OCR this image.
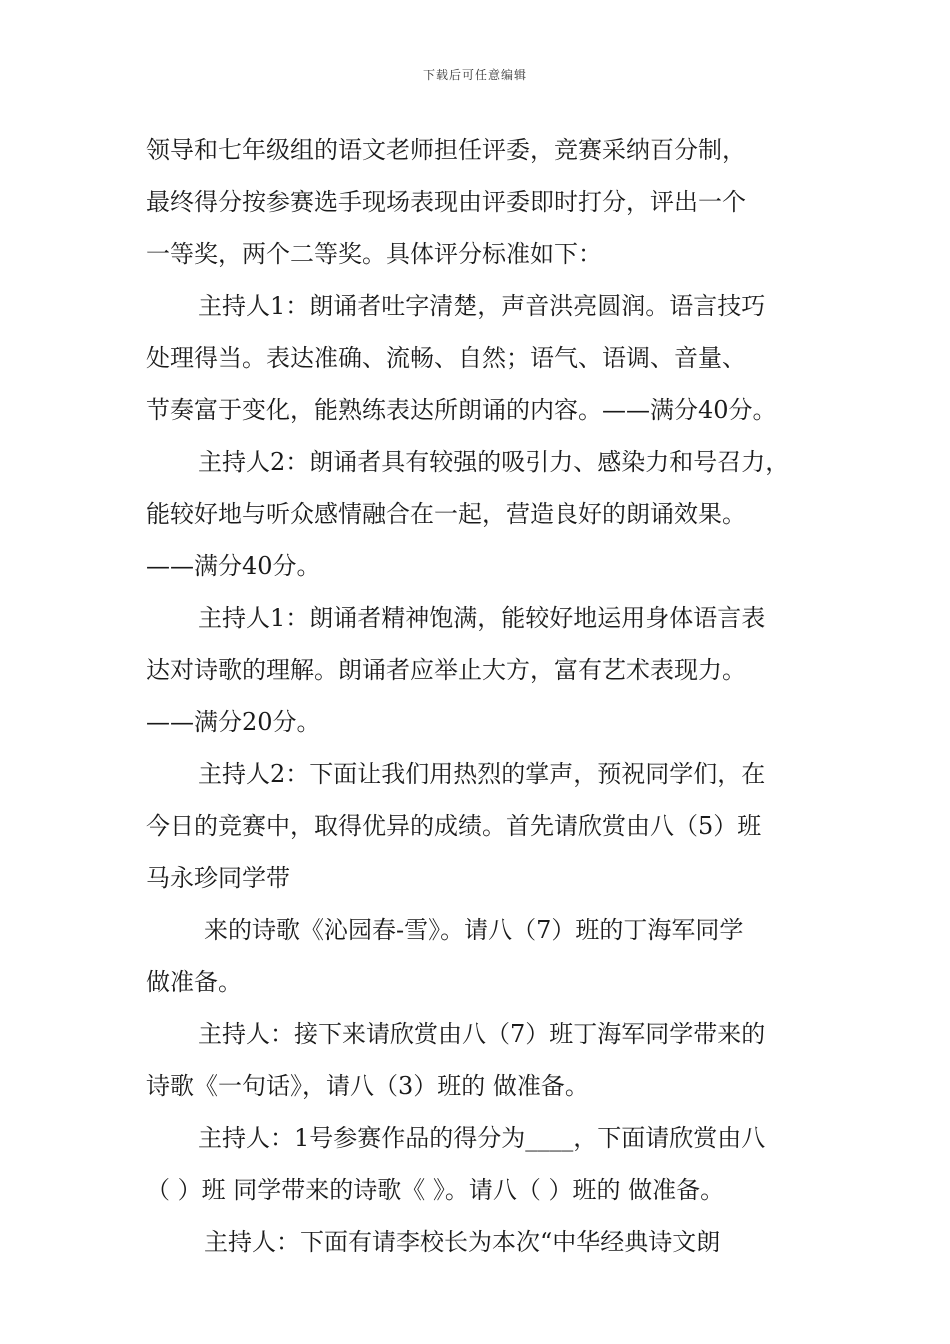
下载后可任意编辑
领导和七年级组的语文老师担任评委，竞赛采纳百分制，
最终得分按参赛选手现场表现由评委即时打分，评出一个
一等奖，两个二等奖。具体评分标准如下：
主持人1：朗诵者吐字清楚，声音洪亮圆润。语言技巧
处理得当。表达准确、流畅、自然；语气、语调、音量、
节奏富于变化，能熟练表达所朗诵的内容。——满分40分。
主持人2：朗诵者具有较强的吸引力、感染力和号召力，
能较好地与听众感情融合在一起，营造良好的朗诵效果。
——满分40分。
主持人1：朗诵者精神饱满，能较好地运用身体语言表
达对诗歌的理解。朗诵者应举止大方，富有艺术表现力。
——满分20分。
主持人2：下面让我们用热烈的掌声，预祝同学们，在
今日的竞赛中，取得优异的成绩。首先请欣赏由八（5）班
马永珍同学带
来的诗歌《沁园春-雪》。请八（7）班的丁海军同学
做准备。
主持人：接下来请欣赏由八（7）班丁海军同学带来的
诗歌《一句话》，请八（3）班的 做准备。
主持人：1号参赛作品的得分为____，下面请欣赏由八
（ ）班 同学带来的诗歌《 》。请八（ ）班的 做准备。
主持人：下面有请李校长为本次“中华经典诗文朗
